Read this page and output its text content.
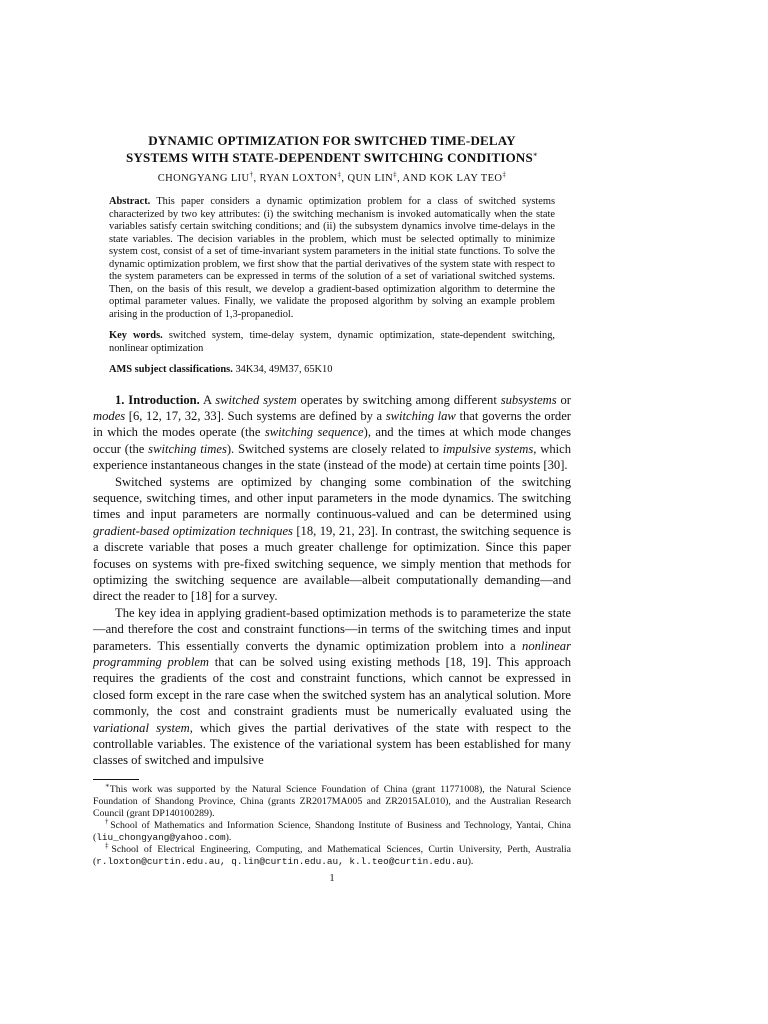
DYNAMIC OPTIMIZATION FOR SWITCHED TIME-DELAY
SYSTEMS WITH STATE-DEPENDENT SWITCHING CONDITIONS∗
CHONGYANG LIU†, RYAN LOXTON‡, QUN LIN‡, AND KOK LAY TEO‡
Abstract. This paper considers a dynamic optimization problem for a class of switched systems characterized by two key attributes: (i) the switching mechanism is invoked automatically when the state variables satisfy certain switching conditions; and (ii) the subsystem dynamics involve time-delays in the state variables. The decision variables in the problem, which must be selected optimally to minimize system cost, consist of a set of time-invariant system parameters in the initial state functions. To solve the dynamic optimization problem, we first show that the partial derivatives of the system state with respect to the system parameters can be expressed in terms of the solution of a set of variational switched systems. Then, on the basis of this result, we develop a gradient-based optimization algorithm to determine the optimal parameter values. Finally, we validate the proposed algorithm by solving an example problem arising in the production of 1,3-propanediol.
Key words. switched system, time-delay system, dynamic optimization, state-dependent switching, nonlinear optimization
AMS subject classifications. 34K34, 49M37, 65K10

1. Introduction. A switched system operates by switching among different subsystems or modes [6, 12, 17, 32, 33]. Such systems are defined by a switching law that governs the order in which the modes operate (the switching sequence), and the times at which mode changes occur (the switching times). Switched systems are closely related to impulsive systems, which experience instantaneous changes in the state (instead of the mode) at certain time points [30].

Switched systems are optimized by changing some combination of the switching sequence, switching times, and other input parameters in the mode dynamics. The switching times and input parameters are normally continuous-valued and can be determined using gradient-based optimization techniques [18, 19, 21, 23]. In contrast, the switching sequence is a discrete variable that poses a much greater challenge for optimization. Since this paper focuses on systems with pre-fixed switching sequence, we simply mention that methods for optimizing the switching sequence are available—albeit computationally demanding—and direct the reader to [18] for a survey.

The key idea in applying gradient-based optimization methods is to parameterize the state—and therefore the cost and constraint functions—in terms of the switching times and input parameters. This essentially converts the dynamic optimization problem into a nonlinear programming problem that can be solved using existing methods [18, 19]. This approach requires the gradients of the cost and constraint functions, which cannot be expressed in closed form except in the rare case when the switched system has an analytical solution. More commonly, the cost and constraint gradients must be numerically evaluated using the variational system, which gives the partial derivatives of the state with respect to the controllable variables. The existence of the variational system has been established for many classes of switched and impulsive

∗This work was supported by the Natural Science Foundation of China (grant 11771008), the Natural Science Foundation of Shandong Province, China (grants ZR2017MA005 and ZR2015AL010), and the Australian Research Council (grant DP140100289).

†School of Mathematics and Information Science, Shandong Institute of Business and Technology, Yantai, China (liu_chongyang@yahoo.com).

‡School of Electrical Engineering, Computing, and Mathematical Sciences, Curtin University, Perth, Australia (r.loxton@curtin.edu.au, q.lin@curtin.edu.au, k.l.teo@curtin.edu.au).

1
